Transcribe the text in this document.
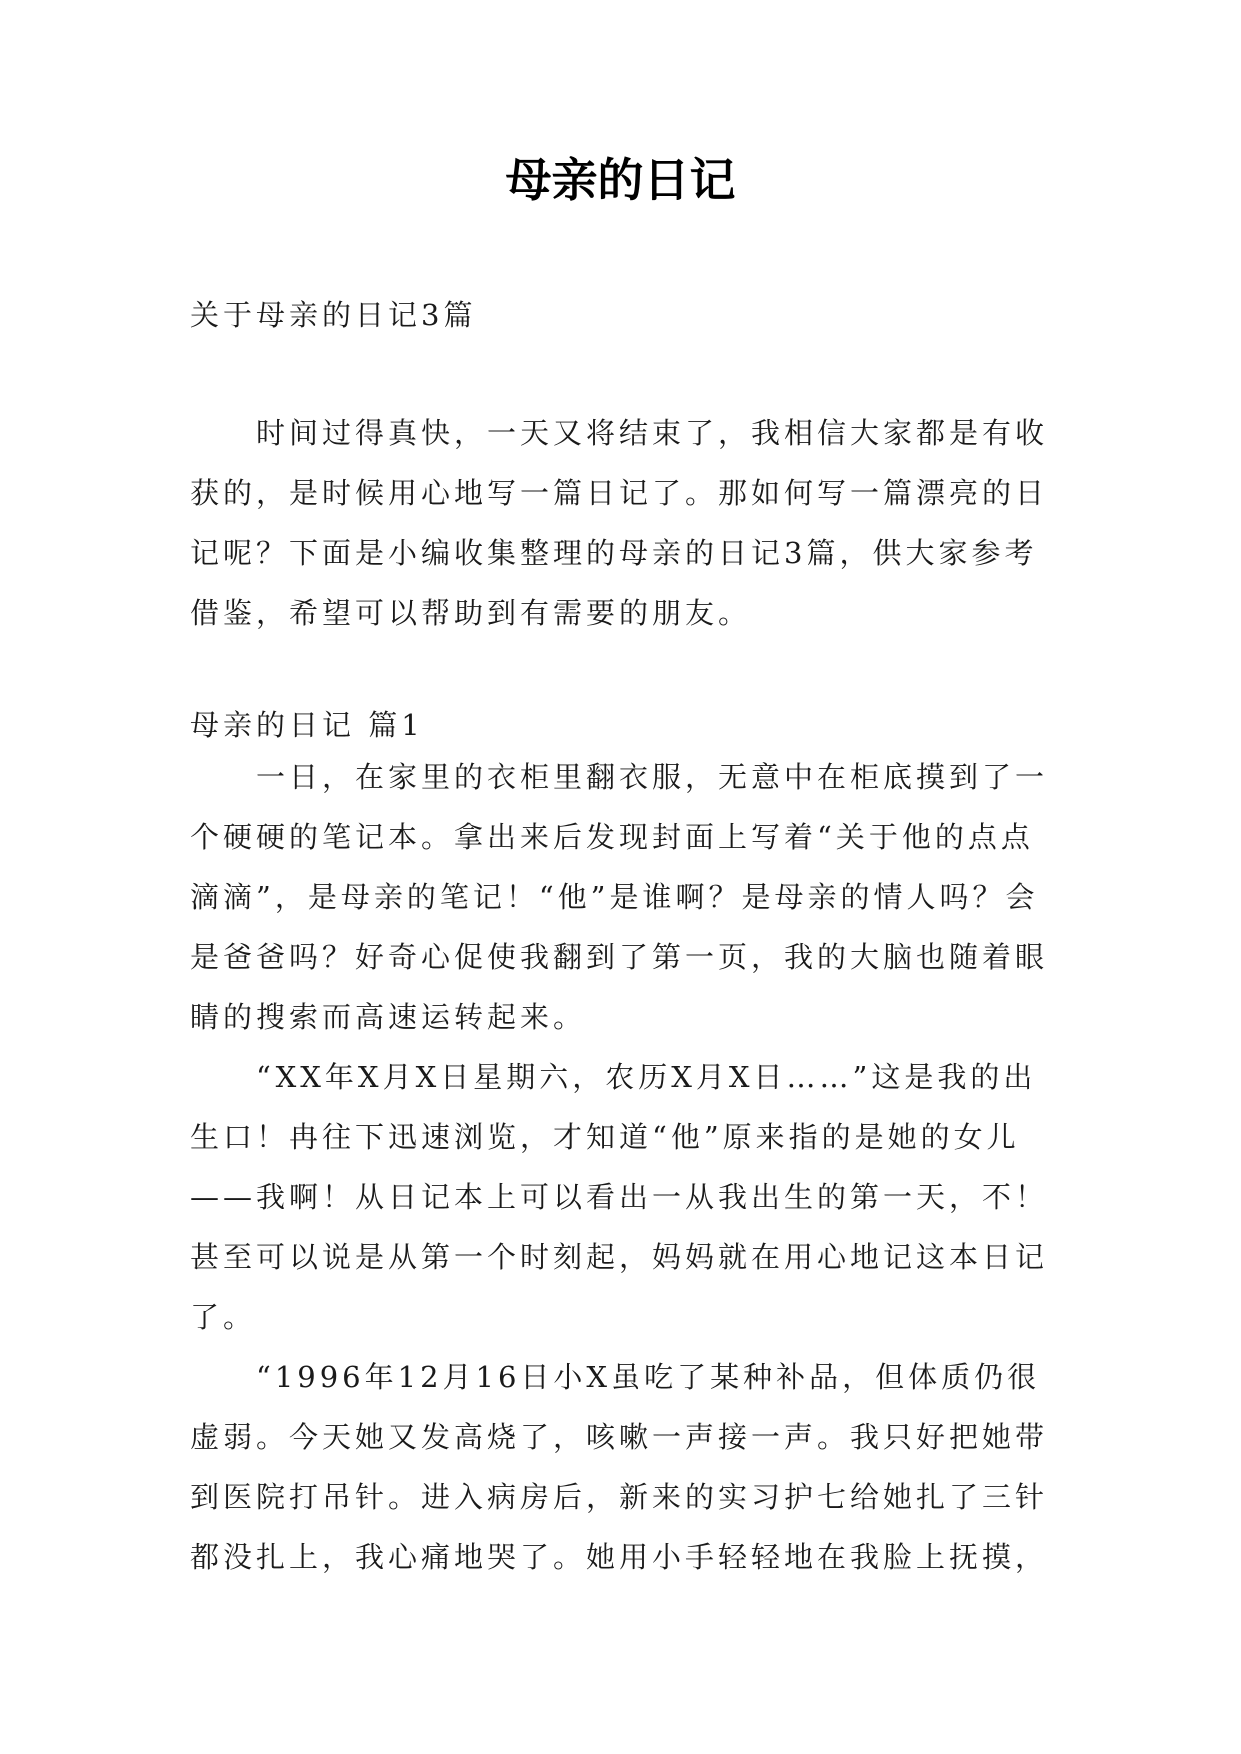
母亲的日记

关于母亲的日记3篇

时间过得真快，一天又将结束了，我相信大家都是有收获的，是时候用心地写一篇日记了。那如何写一篇漂亮的日记呢？下面是小编收集整理的母亲的日记3篇，供大家参考借鉴，希望可以帮助到有需要的朋友。

母亲的日记 篇1

一日，在家里的衣柜里翻衣服，无意中在柜底摸到了一个硬硬的笔记本。拿出来后发现封面上写着“关于他的点点滴滴”，是母亲的笔记！“他”是谁啊？是母亲的情人吗？会是爸爸吗？好奇心促使我翻到了第一页，我的大脑也随着眼睛的搜索而高速运转起来。

“XX年X月X日星期六，农历X月X日……”这是我的出生口！冉往下迅速浏览，才知道“他”原来指的是她的女儿——我啊！从日记本上可以看出一从我出生的第一天，不！甚至可以说是从第一个时刻起，妈妈就在用心地记这本日记了。

“1996年12月16日小X虽吃了某种补品，但体质仍很虚弱。今天她又发高烧了，咳嗽一声接一声。我只好把她带到医院打吊针。进入病房后，新来的实习护七给她扎了三针都没扎上，我心痛地哭了。她用小手轻轻地在我脸上抚摸，
